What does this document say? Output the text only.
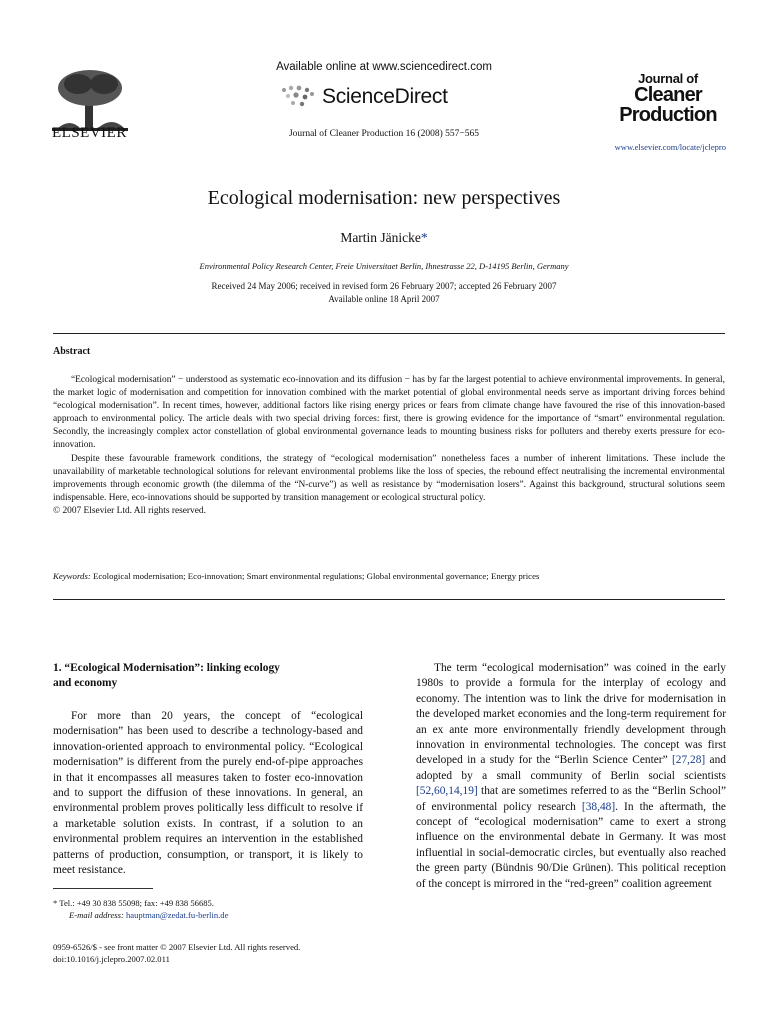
ELSEVIER
Available online at www.sciencedirect.com
ScienceDirect
Journal of Cleaner Production 16 (2008) 557−565
Journal of
Cleaner
Production
www.elsevier.com/locate/jclepro
Ecological modernisation: new perspectives
Martin Jänicke*
Environmental Policy Research Center, Freie Universitaet Berlin, Ihnestrasse 22, D-14195 Berlin, Germany
Received 24 May 2006; received in revised form 26 February 2007; accepted 26 February 2007
Available online 18 April 2007
Abstract

“Ecological modernisation” − understood as systematic eco-innovation and its diffusion − has by far the largest potential to achieve environmental improvements. In general, the market logic of modernisation and competition for innovation combined with the market potential of global environmental needs serve as important driving forces behind “ecological modernisation”. In recent times, however, additional factors like rising energy prices or fears from climate change have favoured the rise of this innovation-based approach to environmental policy. The article deals with two special driving forces: first, there is growing evidence for the importance of “smart” environmental regulation. Secondly, the increasingly complex actor constellation of global environmental governance leads to mounting business risks for polluters and thereby exerts pressure for eco-innovation.

Despite these favourable framework conditions, the strategy of “ecological modernisation” nonetheless faces a number of inherent limitations. These include the unavailability of marketable technological solutions for relevant environmental problems like the loss of species, the rebound effect neutralising the incremental environmental improvements through economic growth (the dilemma of the “N-curve”) as well as resistance by “modernisation losers”. Against this background, structural solutions seem indispensable. Here, eco-innovations should be supported by transition management or ecological structural policy.

© 2007 Elsevier Ltd. All rights reserved.

Keywords: Ecological modernisation; Eco-innovation; Smart environmental regulations; Global environmental governance; Energy prices
1. “Ecological Modernisation”: linking ecology
and economy

For more than 20 years, the concept of “ecological modernisation” has been used to describe a technology-based and innovation-oriented approach to environmental policy. “Ecological modernisation” is different from the purely end-of-pipe approaches in that it encompasses all measures taken to foster eco-innovation and to support the diffusion of these innovations. In general, an environmental problem proves politically less difficult to resolve if a marketable solution exists. In contrast, if a solution to an environmental problem requires an intervention in the established patterns of production, consumption, or transport, it is likely to meet resistance.

* Tel.: +49 30 838 55098; fax: +49 838 56685.
E-mail address: hauptman@zedat.fu-berlin.de
0959-6526/$ - see front matter © 2007 Elsevier Ltd. All rights reserved.
doi:10.1016/j.jclepro.2007.02.011

The term “ecological modernisation” was coined in the early 1980s to provide a formula for the interplay of ecology and economy. The intention was to link the drive for modernisation in the developed market economies and the long-term requirement for an ex ante more environmentally friendly development through innovation in environmental technologies. The concept was first developed in a study for the “Berlin Science Center” [27,28] and adopted by a small community of Berlin social scientists [52,60,14,19] that are sometimes referred to as the “Berlin School” of environmental policy research [38,48]. In the aftermath, the concept of “ecological modernisation” came to exert a strong influence on the environmental debate in Germany. It was most influential in social-democratic circles, but eventually also reached the green party (Bündnis 90/Die Grünen). This political reception of the concept is mirrored in the “red-green” coalition agreement
